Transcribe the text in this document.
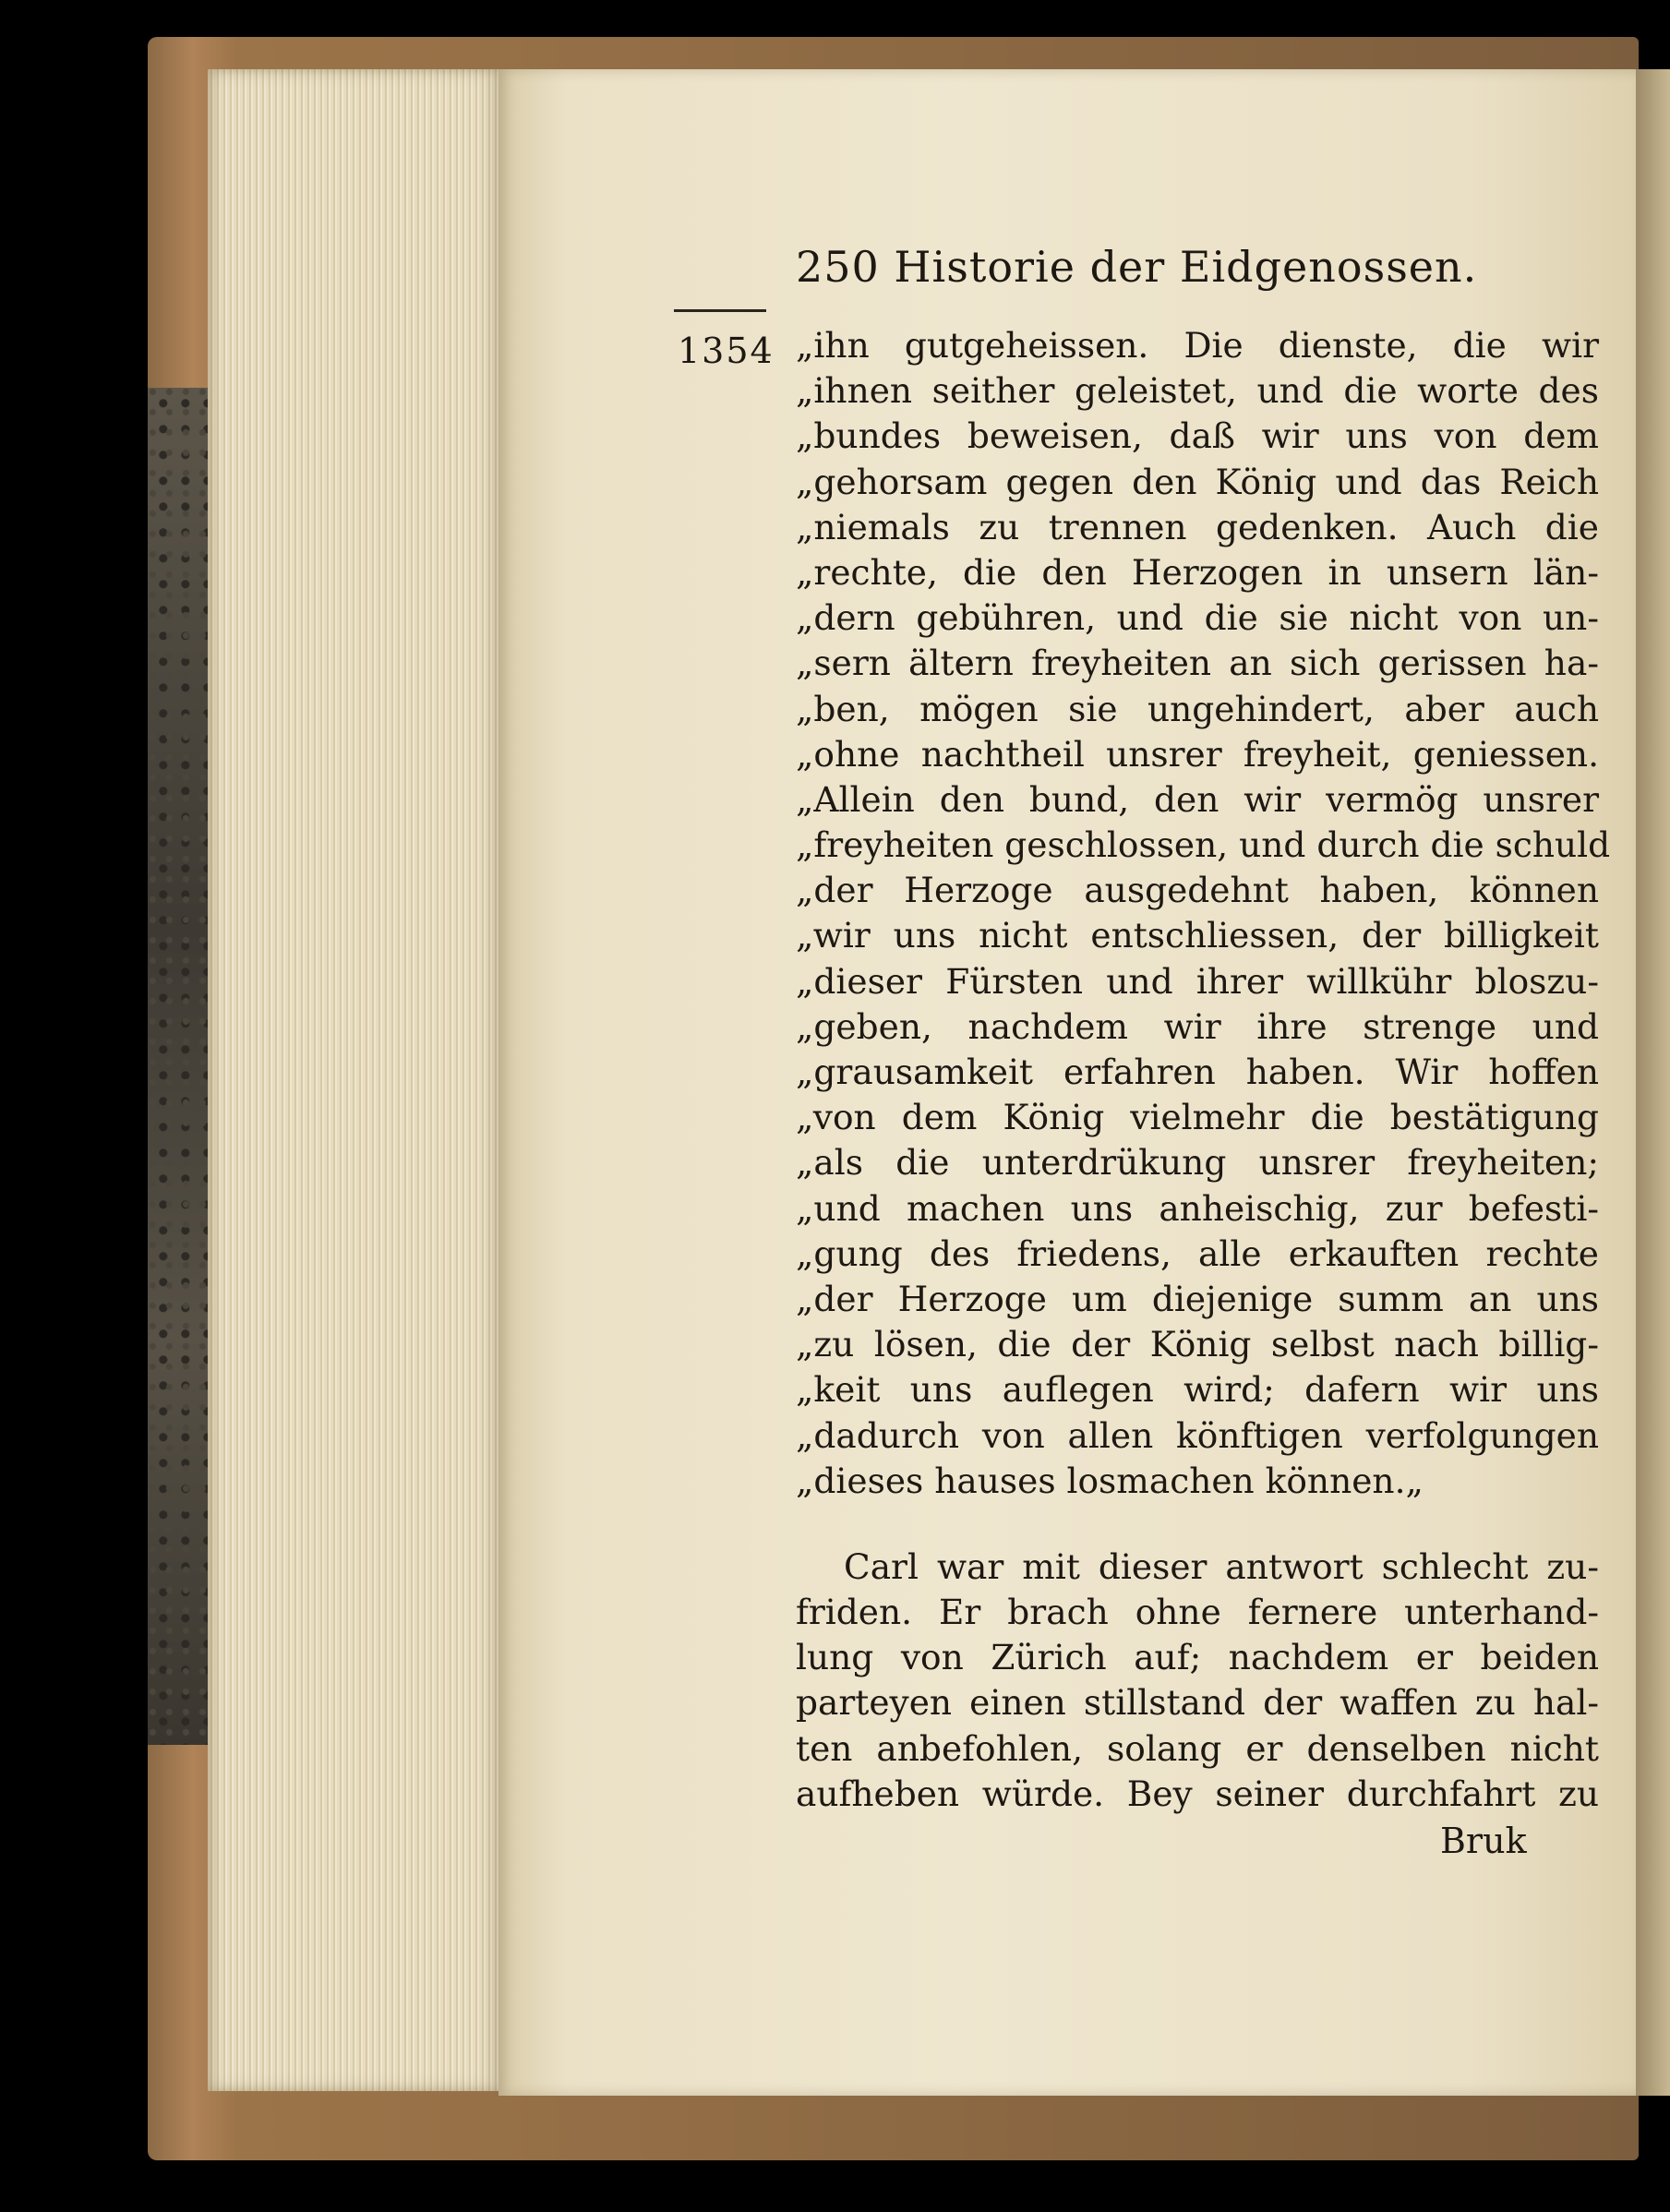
250 Historie der Eidgenossen.
1354 „ihn gutgeheissen. Die dienste, die wir
„ihnen seither geleistet, und die worte des
„bundes beweisen, daß wir uns von dem
„gehorsam gegen den König und das Reich
„niemals zu trennen gedenken. Auch die
„rechte, die den Herzogen in unsern län-
„dern gebühren, und die sie nicht von un-
„sern ältern freyheiten an sich gerissen ha-
„ben, mögen sie ungehindert, aber auch
„ohne nachtheil unsrer freyheit, geniessen.
„Allein den bund, den wir vermög unsrer
„freyheiten geschlossen, und durch die schuld
„der Herzoge ausgedehnt haben, können
„wir uns nicht entschliessen, der billigkeit
„dieser Fürsten und ihrer willkühr bloszu-
„geben, nachdem wir ihre strenge und
„grausamkeit erfahren haben. Wir hoffen
„von dem König vielmehr die bestätigung
„als die unterdrükung unsrer freyheiten;
„und machen uns anheischig, zur befesti-
„gung des friedens, alle erkauften rechte
„der Herzoge um diejenige summ an uns
„zu lösen, die der König selbst nach billig-
„keit uns auflegen wird; dafern wir uns
„dadurch von allen könftigen verfolgungen
„dieses hauses losmachen können.„
Carl war mit dieser antwort schlecht zu-
friden. Er brach ohne fernere unterhand-
lung von Zürich auf; nachdem er beiden
parteyen einen stillstand der waffen zu hal-
ten anbefohlen, solang er denselben nicht
aufheben würde. Bey seiner durchfahrt zu
Bruk
